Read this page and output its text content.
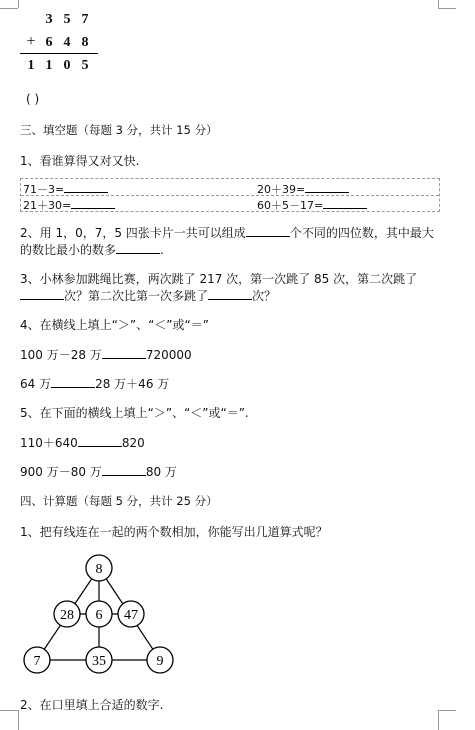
3 5 7
+ 6 4 8
1 1 0 5
( )
三、填空题（每题 3 分，共计 15 分）
1、看谁算得又对又快.
71－3=	20＋39=
21＋30=	60＋5－17=
2、用 1，0，7，5 四张卡片一共可以组成	个不同的四位数，其中最大
的数比最小的数多	.
3、小林参加跳绳比赛，两次跳了 217 次，第一次跳了 85 次，第二次跳了
次？第二次比第一次多跳了	次？
4、在横线上填上“＞”、“＜”或“＝”
100 万－28 万	720000
64 万	28 万＋46 万
5、在下面的横线上填上“＞”、“＜”或“＝”.
110＋640	820
900 万－80 万	80 万
四、计算题（每题 5 分，共计 25 分）
1、把有线连在一起的两个数相加，你能写出几道算式呢？
8
28 6 47
7	35	9
2、在口里填上合适的数字.
